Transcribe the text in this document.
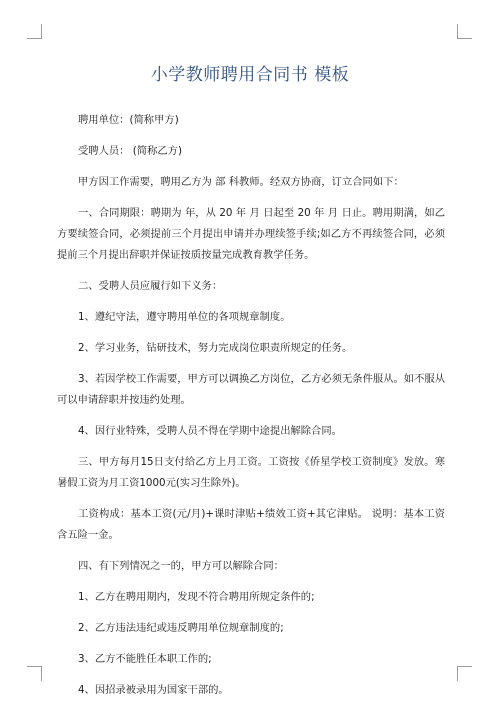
小学教师聘用合同书 模板

聘用单位：(简称甲方)

受聘人员： (简称乙方)

甲方因工作需要，聘用乙方为 部 科教师。经双方协商，订立合同如下：

一、合同期限：聘期为 年，从 20 年 月 日起至 20 年 月 日止。聘用期满，如乙方要续签合同，必须提前三个月提出申请并办理续签手续;如乙方不再续签合同，必须提前三个月提出辞职并保证按质按量完成教育教学任务。

二、受聘人员应履行如下义务：

1、遵纪守法，遵守聘用单位的各项规章制度。

2、学习业务，钻研技术，努力完成岗位职责所规定的任务。

3、若因学校工作需要，甲方可以调换乙方岗位，乙方必须无条件服从。如不服从可以申请辞职并按违约处理。

4、因行业特殊，受聘人员不得在学期中途提出解除合同。

三、甲方每月15日支付给乙方上月工资。工资按《侨星学校工资制度》发放。寒暑假工资为月工资1000元(实习生除外)。

工资构成：基本工资(元/月)+课时津贴+绩效工资+其它津贴。 说明：基本工资含五险一金。

四、有下列情况之一的，甲方可以解除合同：

1、乙方在聘用期内，发现不符合聘用所规定条件的;

2、乙方违法违纪或违反聘用单位规章制度的;

3、乙方不能胜任本职工作的;

4、因招录被录用为国家干部的。
